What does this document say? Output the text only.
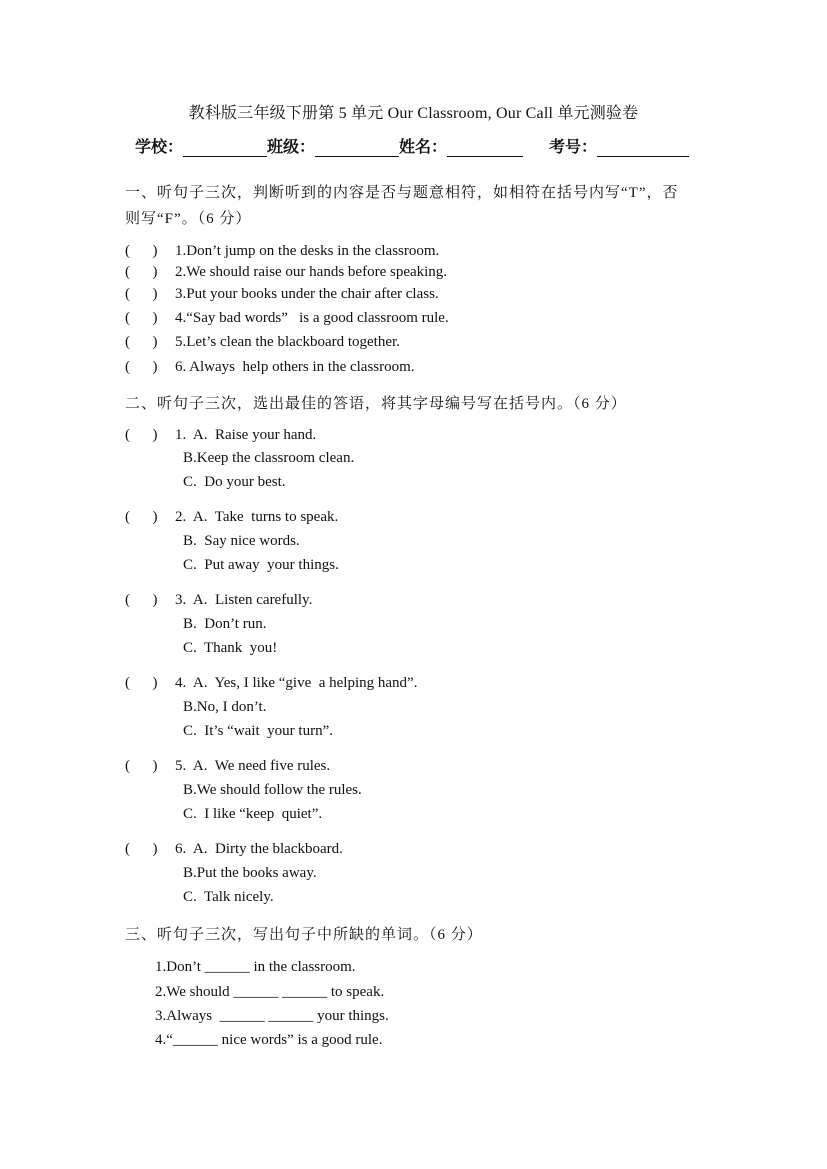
教科版三年级下册第 5 单元 Our Classroom, Our Call 单元测验卷
学校：	班级：	姓名：	考号：
一、听句子三次，判断听到的内容是否与题意相符，如相符在括号内写“T”，否
则写“F”。（6 分）
(      ) 1.Don’t jump on the desks in the classroom.
(      ) 2.We should raise our hands before speaking.
(      ) 3.Put your books under the chair after class.
(      ) 4.“Say bad words”   is a good classroom rule.
(      ) 5.Let’s clean the blackboard together.
(      ) 6. Always  help others in the classroom.
二、听句子三次，选出最佳的答语，将其字母编号写在括号内。（6 分）
(      ) 1.  A.  Raise your hand.
B.Keep the classroom clean.
C.  Do your best.
(      ) 2.  A.  Take  turns to speak.
B.  Say nice words.
C.  Put away  your things.
(      ) 3.  A.  Listen carefully.
B.  Don’t run.
C.  Thank  you!
(      ) 4.  A.  Yes, I like “give  a helping hand”.
B.No, I don’t.
C.  It’s “wait  your turn”.
(      ) 5.  A.  We need five rules.
B.We should follow the rules.
C.  I like “keep  quiet”.
(      ) 6.  A.  Dirty the blackboard.
B.Put the books away.
C.  Talk nicely.
三、听句子三次，写出句子中所缺的单词。（6 分）
1.Don’t ______ in the classroom.
2.We should ______ ______ to speak.
3.Always  ______ ______ your things.
4.“______ nice words” is a good rule.
